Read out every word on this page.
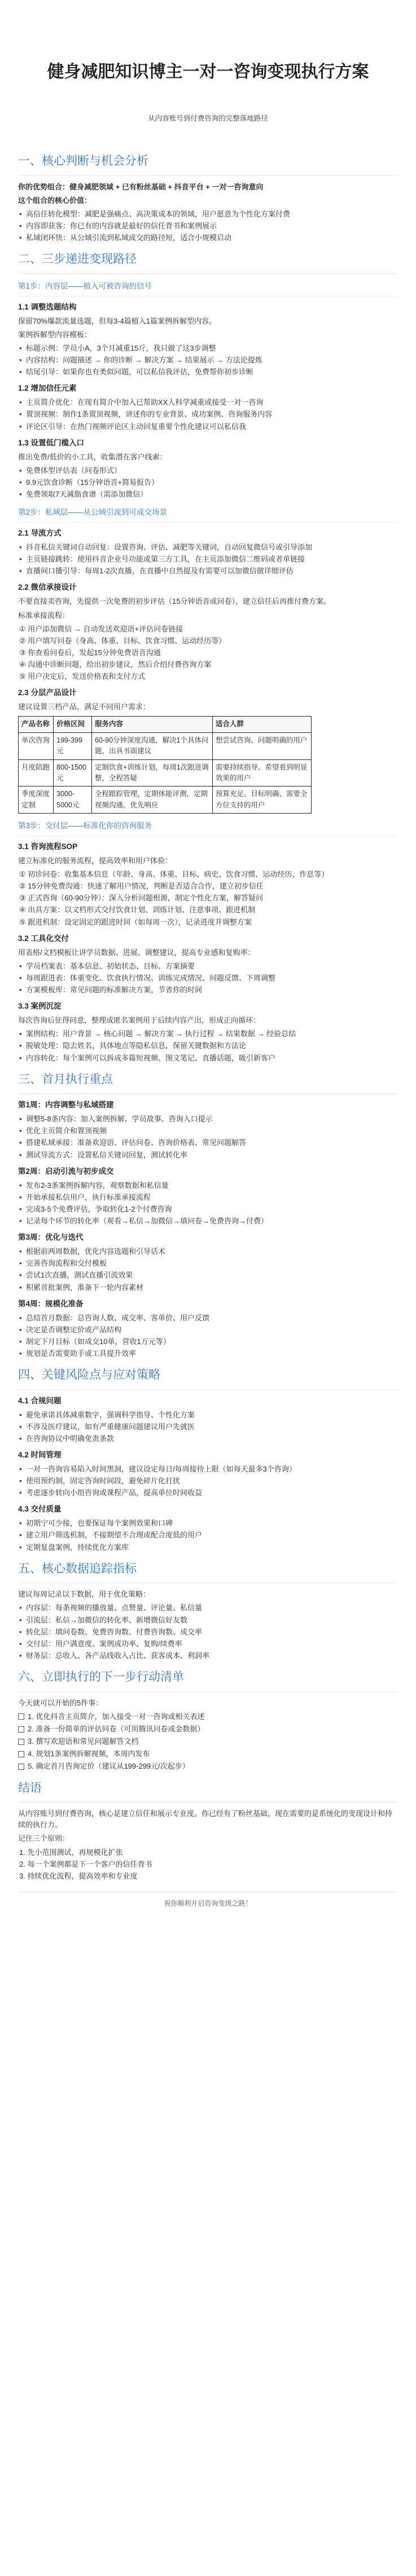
健身减肥知识博主一对一咨询变现执行方案
从内容账号到付费咨询的完整落地路径
一、核心判断与机会分析

你的优势组合：健身减肥领域 + 已有粉丝基础 + 抖音平台 + 一对一咨询意向

这个组合的核心价值：

• 高信任转化模型：减肥是强痛点、高决策成本的领域，用户愿意为个性化方案付费
• 内容即获客：你已有的内容就是最好的信任背书和案例展示
• 私域闭环快：从公域引流到私域成交的路径短，适合小规模启动
二、三步递进变现路径
第1步：内容层——植入可被咨询的信号
1.1 调整选题结构

保留70%爆款流量选题，但每3-4篇植入1篇案例拆解型内容。

案例拆解型内容模板：

• 标题示例：学员小A，3个月减重15斤，我只做了这3步调整
• 内容结构：问题描述 → 你的诊断 → 解决方案 → 结果展示 → 方法论提炼
• 结尾引导：如果你也有类似问题，可以私信我评估，免费帮你初步诊断
1.2 增加信任元素
• 主页简介优化：在现有简介中加入已帮助XX人科学减重或接受一对一咨询
• 置顶视频：制作1条置顶视频，讲述你的专业背景、成功案例、咨询服务内容
• 评论区引导：在热门视频评论区主动回复重要个性化建议可以私信我
1.3 设置低门槛入口

推出免费/低价的小工具，收集潜在客户线索：

• 免费体型评估表（问卷形式）
• 9.9元饮食诊断（15分钟语音+简易报告）
• 免费领取7天减脂食谱（需添加微信）
第2步：私域层——从公域引流到可成交场景
2.1 导流方式
• 抖音私信关键词自动回复：设置咨询、评估、减肥等关键词，自动回复微信号或引导添加
• 主页链接跳转：使用抖音企业号功能或第三方工具，在主页添加微信二维码或者单链接
• 直播间口播引导：每周1-2次直播，在直播中自然提及有需要可以加微信做详细评估
2.2 微信承接设计

不要直接卖咨询，先提供一次免费的初步评估（15分钟语音或问卷），建立信任后再推付费方案。

标准承接流程：

① 用户添加微信 → 自动发送欢迎语+评估问卷链接
② 用户填写问卷（身高、体重、目标、饮食习惯、运动经历等）
③ 你查看问卷后，发起15分钟免费语音沟通
④ 沟通中诊断问题，给出初步建议，然后介绍付费咨询方案
⑤ 用户决定后，发送价格表和支付方式
2.3 分层产品设计

建议设置三档产品，满足不同用户需求：

产品名称	价格区间	服务内容	适合人群
单次咨询	199-399元	60-90分钟深度沟通，解决1个具体问题，出具书面建议	想尝试咨询、问题明确的用户
月度陪跑	800-1500元	定制饮食+训练计划，每周1次跟进调整，全程答疑	需要持续指导、希望看到明显效果的用户
季度深度定制	3000-5000元	全程跟踪管理，定期体能评测，定期视频沟通，优先响应	预算充足、目标明确、需要全方位支持的用户
第3步：交付层——标准化你的咨询服务
3.1 咨询流程SOP

建立标准化的服务流程，提高效率和用户体验：

① 初诊问卷：收集基本信息（年龄、身高、体重、目标、病史、饮食习惯、运动经历、作息等）
② 15分钟免费沟通：快速了解用户情况，判断是否适合合作，建立初步信任
③ 正式咨询（60-90分钟）：深入分析问题根源，制定个性化方案，解答疑问
④ 出具方案：以文档形式交付饮食计划、训练计划、注意事项、跟进机制
⑤ 跟进机制：设定固定的跟进时间（如每周一次），记录进度并调整方案
3.2 工具化交付

用表格/文档模板让讲学员数据、进展、调整建议，提高专业感和复购率：

• 学员档案表：基本信息、初始状态、目标、方案摘要
• 每周跟进表：体重变化、饮食执行情况、训练完成情况、问题反馈、下周调整
• 方案模板库：常见问题的标准解决方案，节省你的时间
3.3 案例沉淀

每次咨询后征得同意，整理成匿名案例用于后续内容产出，形成正向循环：

• 案例结构：用户背景 → 核心问题 → 解决方案 → 执行过程 → 结果数据 → 经验总结
• 脱敏处理：隐去姓名，具体地点等隐私信息，保留关键数据和方法论
• 内容转化：每个案例可以拆成多篇短视频、图文笔记、直播话题，吸引新客户
三、首月执行重点
第1周：内容调整与私域搭建
• 调整5-8条内容：加入案例拆解、学员故事、咨询入口提示
• 优化主页简介和置顶视频
• 搭建私域承接：准备欢迎语、评估问卷、咨询价格表、常见问题解答
• 测试导流方式：设置私信关键词回复，测试转化率
第2周：启动引流与初步成交
• 发布2-3条案例拆解内容，观察数据和私信量
• 开始承接私信用户，执行标准承接流程
• 完成3-5个免费评估，争取转化1-2个付费咨询
• 记录每个环节的转化率（观看→私信→加微信→填问卷→免费咨询→付费）
第3周：优化与迭代
• 根据前两周数据，优化内容选题和引导话术
• 完善咨询流程和交付模板
• 尝试1次直播，测试直播引流效果
• 积累首批案例，准备下一轮内容素材
第4周：规模化准备
• 总结首月数据：总咨询人数、成交率、客单价、用户反馈
• 决定是否调整定价或产品结构
• 制定下月目标（如成交10单，营收1万元等）
• 规划是否需要助手或工具提升效率
四、关键风险点与应对策略
4.1 合规问题
• 避免承诺具体减重数字，强调科学指导、个性化方案
• 不涉及医疗建议，如有严重健康问题建议用户先就医
• 在咨询协议中明确免责条款
4.2 时间管理
• 一对一咨询容易陷入时间黑洞，建议设定每日/每周接待上限（如每天最多3个咨询）
• 使用预约制，固定咨询时间段，避免碎片化打扰
• 考虑逐步转向小组咨询或课程产品，提高单位时间收益
4.3 交付质量
• 初期宁可少接，也要保证每个案例效果和口碑
• 建立用户筛选机制，不接期望不合理或配合度低的用户
• 定期复盘案例，持续优化方案库
五、核心数据追踪指标

建议每周记录以下数据，用于优化策略：

• 内容层：每条视频的播放量、点赞量、评论量、私信量
• 引流层：私信→加微信的转化率、新增微信好友数
• 转化层：填问卷数、免费咨询数、付费咨询数、成交率
• 交付层：用户满意度、案例成功率、复购/续费率
• 财务层：总收入、各产品线收入占比、获客成本、利润率
六、立即执行的下一步行动清单

今天就可以开始的5件事：

1. 优化抖音主页简介，加入接受一对一咨询或相关表述
2. 准备一份简单的评估问卷（可用腾讯问卷或金数据）
3. 撰写欢迎语和常见问题解答文档
4. 规划1条案例拆解视频，本周内发布
5. 确定首月咨询定价（建议从199-299元/次起步）
结语

从内容账号到付费咨询，核心是建立信任和展示专业度。你已经有了粉丝基础，现在需要的是系统化的变现设计和持续的执行力。

记住三个原则：

1. 先小范围测试，再规模化扩张
2. 每一个案例都是下一个客户的信任背书
3. 持续优化流程，提高效率和专业度
祝你顺利开启咨询变现之路！
